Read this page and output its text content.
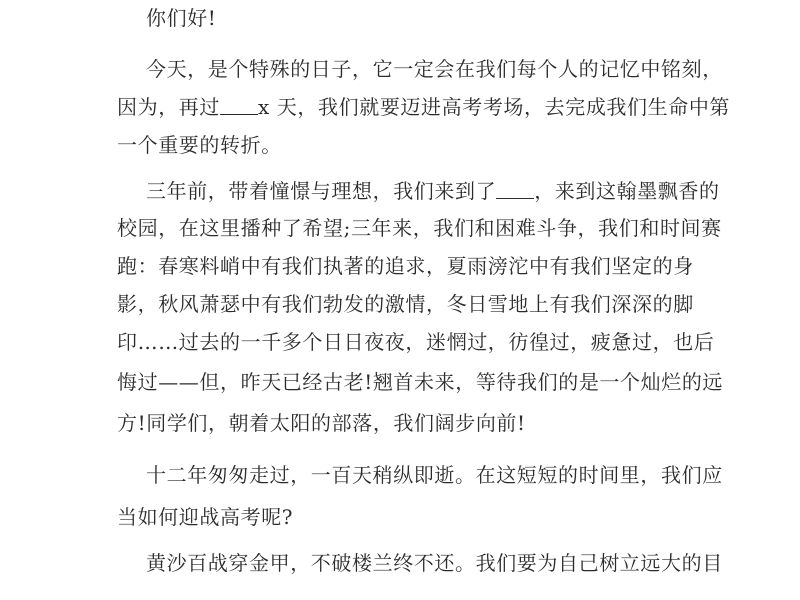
你们好!
今天，是个特殊的日子，它一定会在我们每个人的记忆中铭刻，
因为，再过 x 天，我们就要迈进高考考场，去完成我们生命中第
一个重要的转折。
三年前，带着憧憬与理想，我们来到了 ，来到这翰墨飘香的
校园，在这里播种了希望;三年来，我们和困难斗争，我们和时间赛
跑：春寒料峭中有我们执著的追求，夏雨滂沱中有我们坚定的身
影，秋风萧瑟中有我们勃发的激情，冬日雪地上有我们深深的脚
印……过去的一千多个日日夜夜，迷惘过，彷徨过，疲惫过，也后
悔过——但，昨天已经古老!翘首未来，等待我们的是一个灿烂的远
方!同学们，朝着太阳的部落，我们阔步向前!
十二年匆匆走过，一百天稍纵即逝。在这短短的时间里，我们应
当如何迎战高考呢?
黄沙百战穿金甲，不破楼兰终不还。我们要为自己树立远大的目
